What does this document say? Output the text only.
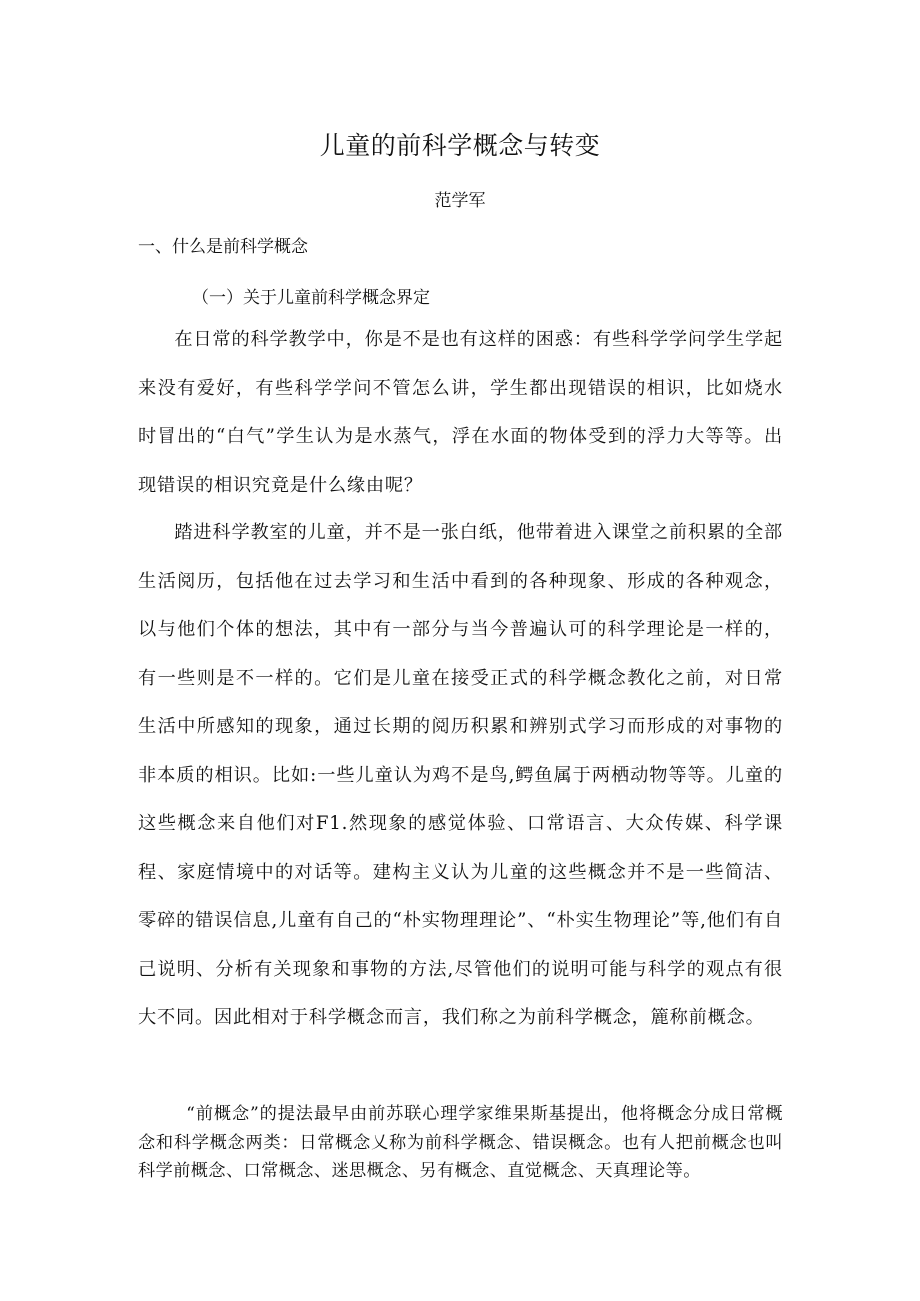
儿童的前科学概念与转变
范学军
一、什么是前科学概念
（一）关于儿童前科学概念界定

在日常的科学教学中，你是不是也有这样的困惑：有些科学学问学生学起来没有爱好，有些科学学问不管怎么讲，学生都出现错误的相识，比如烧水时冒出的“白气”学生认为是水蒸气，浮在水面的物体受到的浮力大等等。出现错误的相识究竟是什么缘由呢？

踏进科学教室的儿童，并不是一张白纸，他带着进入课堂之前积累的全部生活阅历，包括他在过去学习和生活中看到的各种现象、形成的各种观念，以与他们个体的想法，其中有一部分与当今普遍认可的科学理论是一样的，有一些则是不一样的。它们是儿童在接受正式的科学概念教化之前，对日常生活中所感知的现象，通过长期的阅历积累和辨别式学习而形成的对事物的非本质的相识。比如:一些儿童认为鸡不是鸟,鳄鱼属于两栖动物等等。儿童的这些概念来自他们对F1.然现象的感觉体验、口常语言、大众传媒、科学课程、家庭情境中的对话等。建构主义认为儿童的这些概念并不是一些简洁、零碎的错误信息,儿童有自己的“朴实物理理论”、“朴实生物理论”等,他们有自己说明、分析有关现象和事物的方法,尽管他们的说明可能与科学的观点有很大不同。因此相对于科学概念而言，我们称之为前科学概念，簏称前概念。

“前概念”的提法最早由前苏联心理学家维果斯基提出，他将概念分成日常概念和科学概念两类：日常概念乂称为前科学概念、错误概念。也有人把前概念也叫科学前概念、口常概念、迷思概念、另有概念、直觉概念、天真理论等。
